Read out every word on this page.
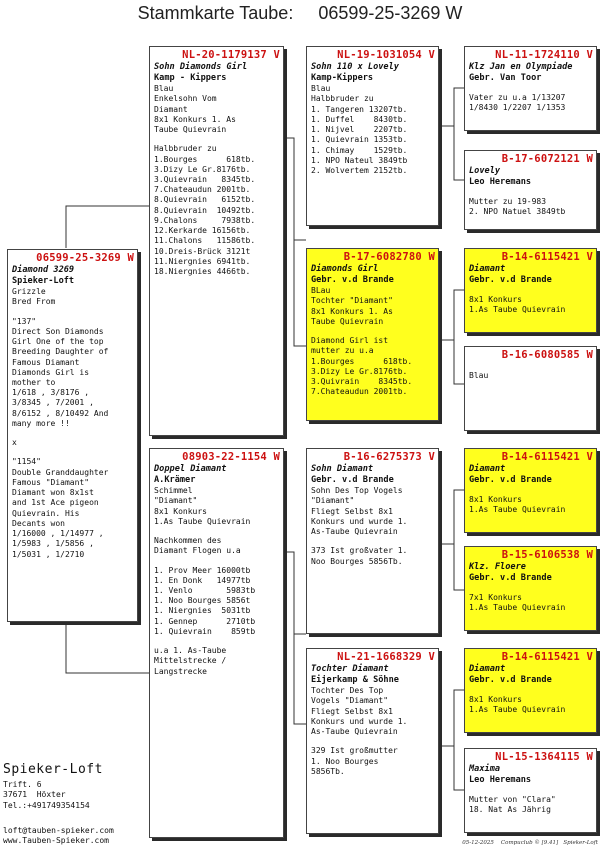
Stammkarte Taube:     06599-25-3269 W
06599-25-3269 W
Diamond 3269
Spieker-Loft
Grizzle
Bred From
"137"
Direct Son Diamonds
Girl One of the top
Breeding Daughter of
Famous Diamant
Diamonds Girl is
mother to
1/618 , 3/8176 ,
3/8345 , 7/2001 ,
8/6152 , 8/10492 And
many more !!
x
"1154"
Double Granddaughter
Famous "Diamant"
Diamant won 8x1st
and 1st Ace pigeon
Quievrain. His
Decants won
1/16000 , 1/14977 ,
1/5983 , 1/5856 ,
1/5031 , 1/2710
NL-20-1179137 V
Sohn Diamonds Girl
Kamp - Kippers
Blau
Enkelsohn Vom
Diamant
8x1 Konkurs 1. As
Taube Quievrain
Halbbruder zu
1.Bourges      618tb.
3.Dizy Le Gr.8176tb.
3.Quievrain   8345tb.
7.Chateaudun 2001tb.
8.Quievrain   6152tb.
8.Quievrain  10492tb.
9.Chalons     7938tb.
12.Kerkarde 16156tb.
11.Chalons   11586tb.
10.Dreis-Brück 3121t
11.Niergnies 6941tb.
18.Niergnies 4466tb.
08903-22-1154 W
Doppel Diamant
A.Krämer
Schimmel
"Diamant"
8x1 Konkurs
1.As Taube Quievrain
Nachkommen des
Diamant Flogen u.a
1. Prov Meer 16000tb
1. En Donk   14977tb
1. Venlo       5983tb
1. Noo Bourges 5856t
1. Niergnies  5031tb
1. Gennep      2710tb
1. Quievrain    859tb
u.a 1. As-Taube
Mittelstrecke /
Langstrecke
NL-19-1031054 V
Sohn 110 x Lovely
Kamp-Kippers
Blau
Halbbruder zu
1. Tangeren 13207tb.
1. Duffel    8430tb.
1. Nijvel    2207tb.
1. Quievrain 1353tb.
1. Chimay    1529tb.
1. NPO Nateul 3849tb
2. Wolvertem 2152tb.
B-17-6082780 W
Diamonds Girl
Gebr. v.d Brande
BLau
Tochter "Diamant"
8x1 Konkurs 1. As
Taube Quievrain
Diamond Girl ist
mutter zu u.a
1.Bourges      618tb.
3.Dizy Le Gr.8176tb.
3.Quivrain    8345tb.
7.Chateaudun 2001tb.
B-16-6275373 V
Sohn Diamant
Gebr. v.d Brande
Sohn Des Top Vogels
"Diamant"
Fliegt Selbst 8x1
Konkurs und wurde 1.
As-Taube Quievrain
373 Ist großvater 1.
Noo Bourges 5856Tb.
NL-21-1668329 V
Tochter Diamant
Eijerkamp & Söhne
Tochter Des Top
Vogels "Diamant"
Fliegt Selbst 8x1
Konkurs und wurde 1.
As-Taube Quievrain
329 Ist großmutter
1. Noo Bourges
5856Tb.
NL-11-1724110 V
Klz Jan en Olympiade
Gebr. Van Toor
Vater zu u.a 1/13207
1/8430 1/2207 1/1353
B-17-6072121 W
Lovely
Leo Heremans
Mutter zu 19-983
2. NPO Natuel 3849tb
B-14-6115421 V
Diamant
Gebr. v.d Brande
8x1 Konkurs
1.As Taube Quievrain
B-16-6080585 W
Blau
B-14-6115421 V
Diamant
Gebr. v.d Brande
8x1 Konkurs
1.As Taube Quievrain
B-15-6106538 W
Klz. Floere
Gebr. v.d Brande
7x1 Konkurs
1.As Taube Quievrain
B-14-6115421 V
Diamant
Gebr. v.d Brande
8x1 Konkurs
1.As Taube Quievrain
NL-15-1364115 W
Maxima
Leo Heremans
Mutter von "Clara"
18. Nat As Jährig
Spieker-Loft
Trift. 6
37671  Höxter
Tel.:+491749354154
loft@tauben-spieker.com
www.Tauben-Spieker.com	05-12-2025    Compuclub © [9.41]   Spieker-Loft
